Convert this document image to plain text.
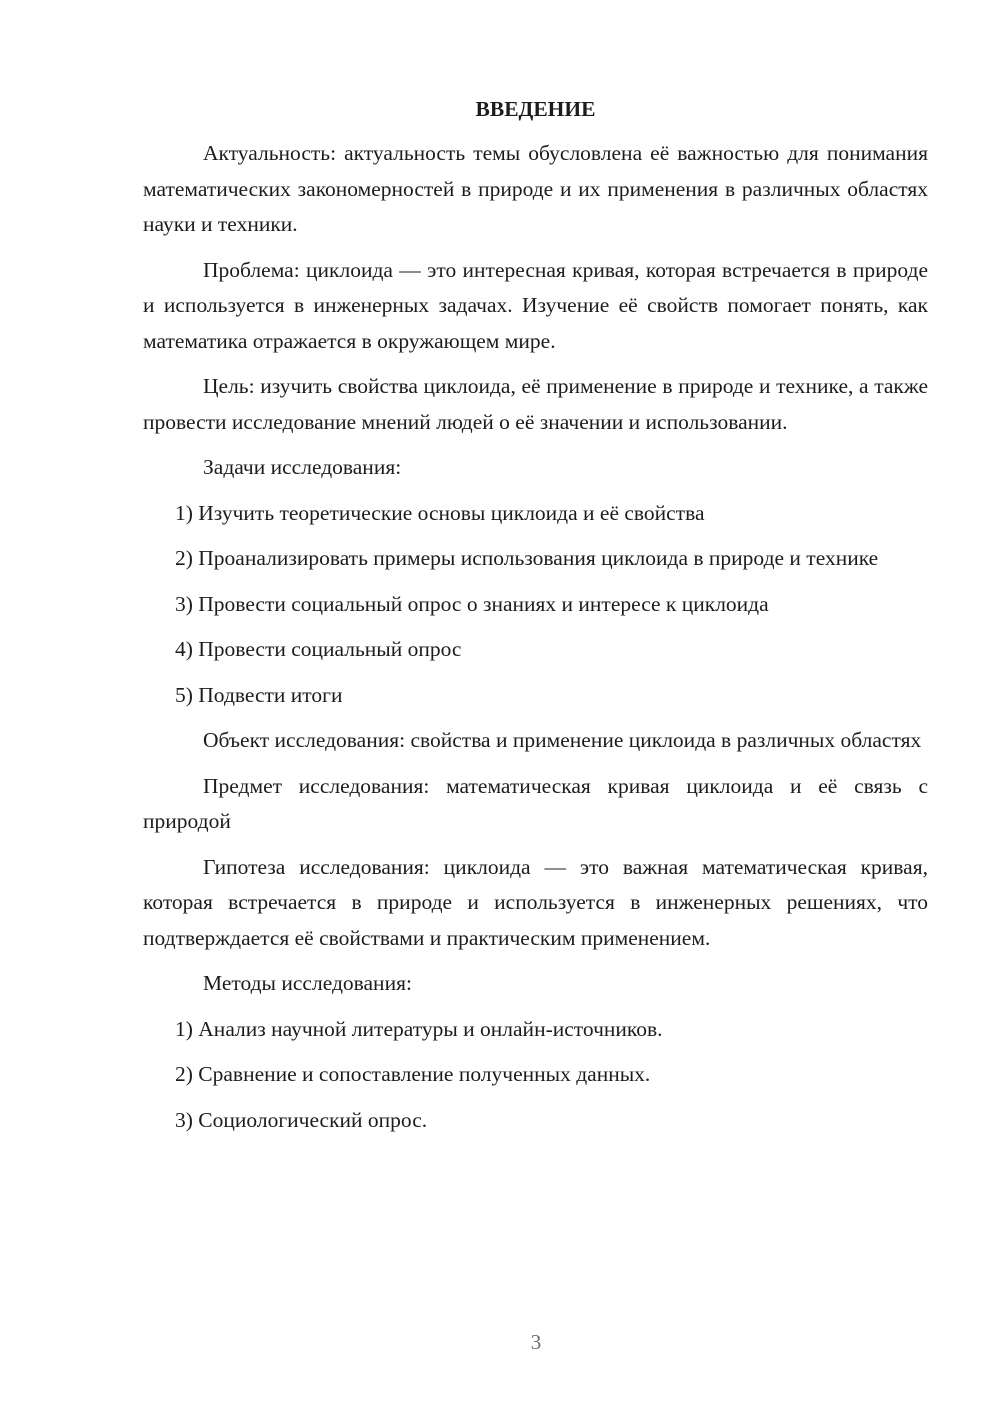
ВВЕДЕНИЕ
Актуальность: актуальность темы обусловлена её важностью для понимания математических закономерностей в природе и их применения в различных областях науки и техники.
Проблема: циклоида — это интересная кривая, которая встречается в природе и используется в инженерных задачах. Изучение её свойств помогает понять, как математика отражается в окружающем мире.
Цель: изучить свойства циклоида, её применение в природе и технике, а также провести исследование мнений людей о её значении и использовании.
Задачи исследования:
1) Изучить теоретические основы циклоида и её свойства
2) Проанализировать примеры использования циклоида в природе и технике
3) Провести социальный опрос о знаниях и интересе к циклоида
4) Провести социальный опрос
5) Подвести итоги
Объект исследования: свойства и применение циклоида в различных областях
Предмет исследования: математическая кривая циклоида и её связь с природой
Гипотеза исследования: циклоида — это важная математическая кривая, которая встречается в природе и используется в инженерных решениях, что подтверждается её свойствами и практическим применением.
Методы исследования:
1) Анализ научной литературы и онлайн-источников.
2) Сравнение и сопоставление полученных данных.
3) Социологический опрос.
3
